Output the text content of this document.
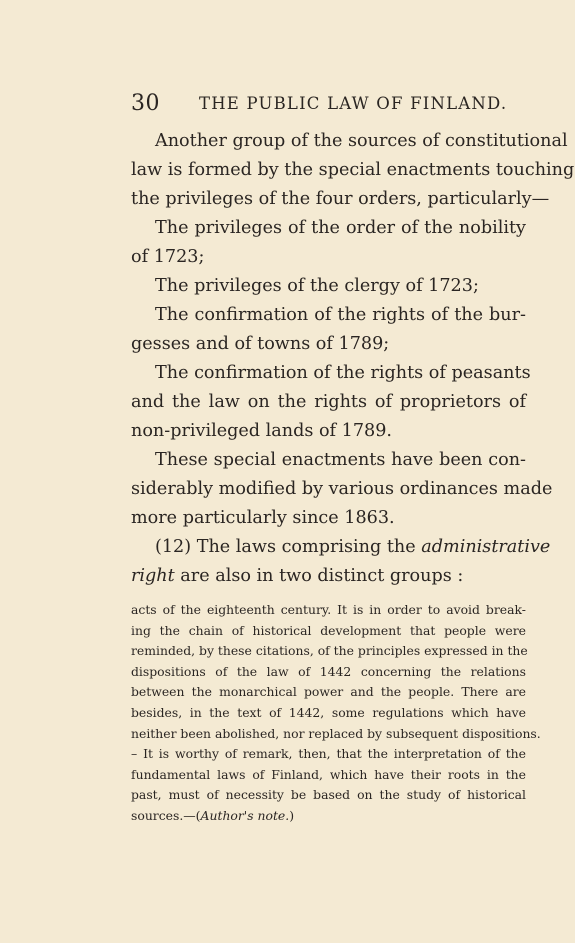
30 THE PUBLIC LAW OF FINLAND.
Another group of the sources of constitutional
law is formed by the special enactments touching
the privileges of the four orders, particularly—
The privileges of the order of the nobility
of 1723;
The privileges of the clergy of 1723;
The confirmation of the rights of the bur-
gesses and of towns of 1789;
The confirmation of the rights of peasants
and the law on the rights of proprietors of
non-privileged lands of 1789.
These special enactments have been con-
siderably modified by various ordinances made
more particularly since 1863.
(12) The laws comprising the administrative
right are also in two distinct groups :
acts of the eighteenth century. It is in order to avoid break-
ing the chain of historical development that people were
reminded, by these citations, of the principles expressed in the
dispositions of the law of 1442 concerning the relations
between the monarchical power and the people. There are
besides, in the text of 1442, some regulations which have
neither been abolished, nor replaced by subsequent dispositions.
– It is worthy of remark, then, that the interpretation of the
fundamental laws of Finland, which have their roots in the
past, must of necessity be based on the study of historical
sources.—(Author's note.)
